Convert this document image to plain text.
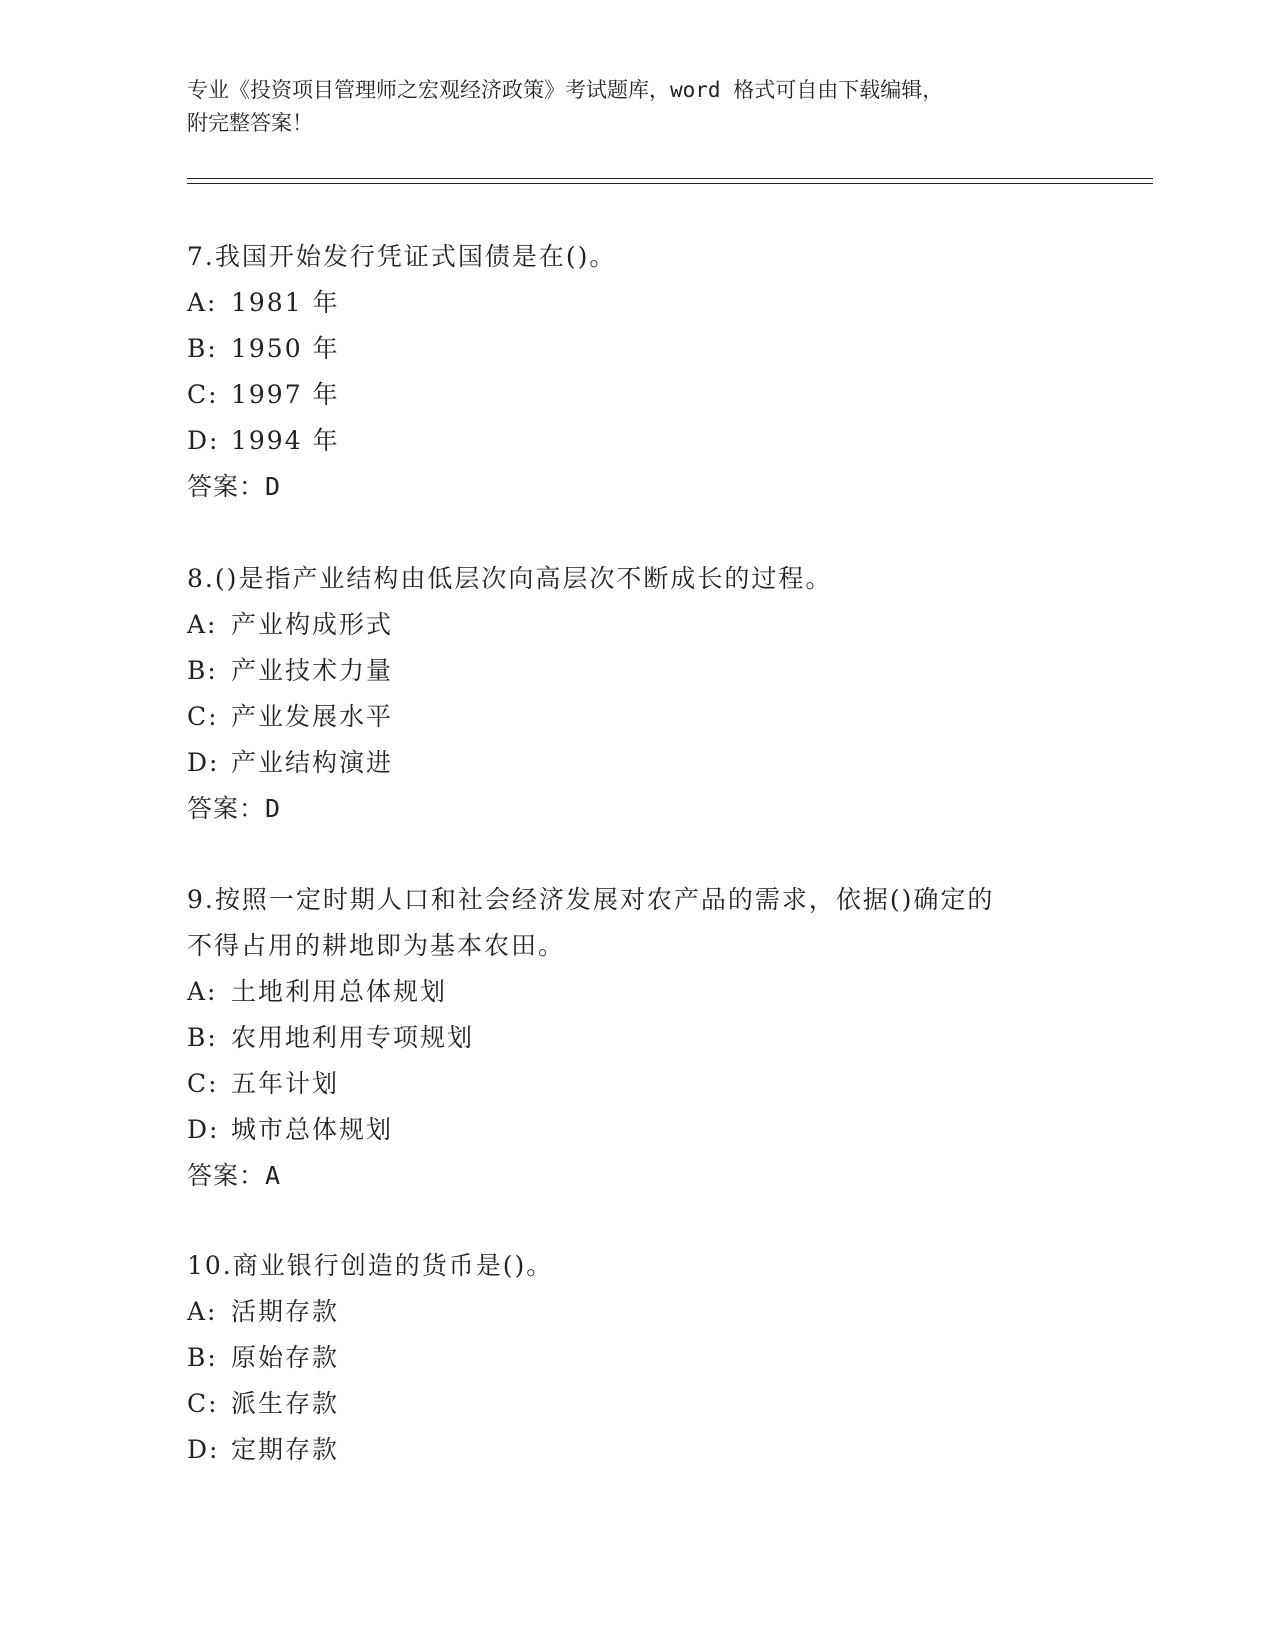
专业《投资项目管理师之宏观经济政策》考试题库，word 格式可自由下载编辑，
附完整答案！

7.我国开始发行凭证式国债是在()。

A: 1981 年

B: 1950 年

C: 1997 年

D: 1994 年

答案：D

8.()是指产业结构由低层次向高层次不断成长的过程。

A: 产业构成形式

B: 产业技术力量

C: 产业发展水平

D: 产业结构演进

答案：D

9.按照一定时期人口和社会经济发展对农产品的需求，依据()确定的

不得占用的耕地即为基本农田。

A: 土地利用总体规划

B: 农用地利用专项规划

C: 五年计划

D: 城市总体规划

答案：A

10.商业银行创造的货币是()。

A: 活期存款

B: 原始存款

C: 派生存款

D: 定期存款
